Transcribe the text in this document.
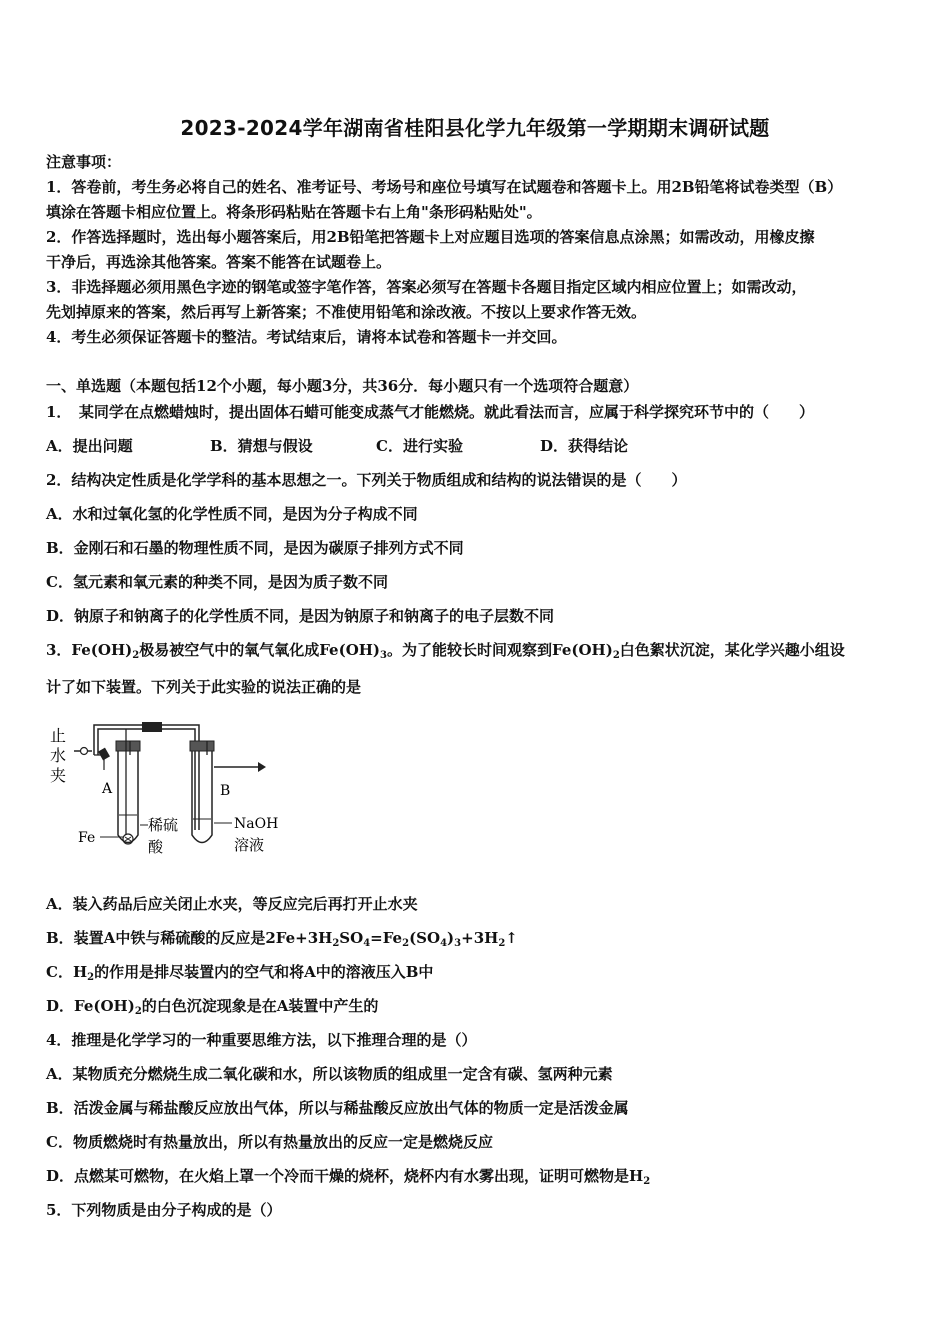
2023-2024学年湖南省桂阳县化学九年级第一学期期末调研试题
注意事项：
1．答卷前，考生务必将自己的姓名、准考证号、考场号和座位号填写在试题卷和答题卡上。用2B铅笔将试卷类型（B）
填涂在答题卡相应位置上。将条形码粘贴在答题卡右上角"条形码粘贴处"。
2．作答选择题时，选出每小题答案后，用2B铅笔把答题卡上对应题目选项的答案信息点涂黑；如需改动，用橡皮擦
干净后，再选涂其他答案。答案不能答在试题卷上。
3．非选择题必须用黑色字迹的钢笔或签字笔作答，答案必须写在答题卡各题目指定区域内相应位置上；如需改动，
先划掉原来的答案，然后再写上新答案；不准使用铅笔和涂改液。不按以上要求作答无效。
4．考生必须保证答题卡的整洁。考试结束后，请将本试卷和答题卡一并交回。
一、单选题（本题包括12个小题，每小题3分，共36分．每小题只有一个选项符合题意）
1．　某同学在点燃蜡烛时，提出固体石蜡可能变成蒸气才能燃烧。就此看法而言，应属于科学探究环节中的（　　）
A．提出问题	B．猜想与假设	C．进行实验	D．获得结论
2．结构决定性质是化学学科的基本思想之一。下列关于物质组成和结构的说法错误的是（　　）
A．水和过氧化氢的化学性质不同，是因为分子构成不同
B．金刚石和石墨的物理性质不同，是因为碳原子排列方式不同
C．氢元素和氧元素的种类不同，是因为质子数不同
D．钠原子和钠离子的化学性质不同，是因为钠原子和钠离子的电子层数不同
3．$Fe(OH)_2$极易被空气中的氧气氧化成$Fe(OH)_3$。为了能较长时间观察到$Fe(OH)_2$白色絮状沉淀，某化学兴趣小组设
计了如下装置。下列关于此实验的说法正确的是
止
水
夹
A	B
Fe
稀硫
酸
NaOH
溶液
A．装入药品后应关闭止水夹，等反应完后再打开止水夹
B．装置A中铁与稀硫酸的反应是$2Fe+3H_2SO_4=Fe_2(SO_4)_3+3H_2↑$
C．$H_2$的作用是排尽装置内的空气和将A中的溶液压入B中
D．$Fe(OH)_2$的白色沉淀现象是在A装置中产生的
4．推理是化学学习的一种重要思维方法，以下推理合理的是（）
A．某物质充分燃烧生成二氧化碳和水，所以该物质的组成里一定含有碳、氢两种元素
B．活泼金属与稀盐酸反应放出气体，所以与稀盐酸反应放出气体的物质一定是活泼金属
C．物质燃烧时有热量放出，所以有热量放出的反应一定是燃烧反应
D．点燃某可燃物，在火焰上罩一个冷而干燥的烧杯，烧杯内有水雾出现，证明可燃物是$H_2$
5．下列物质是由分子构成的是（）
